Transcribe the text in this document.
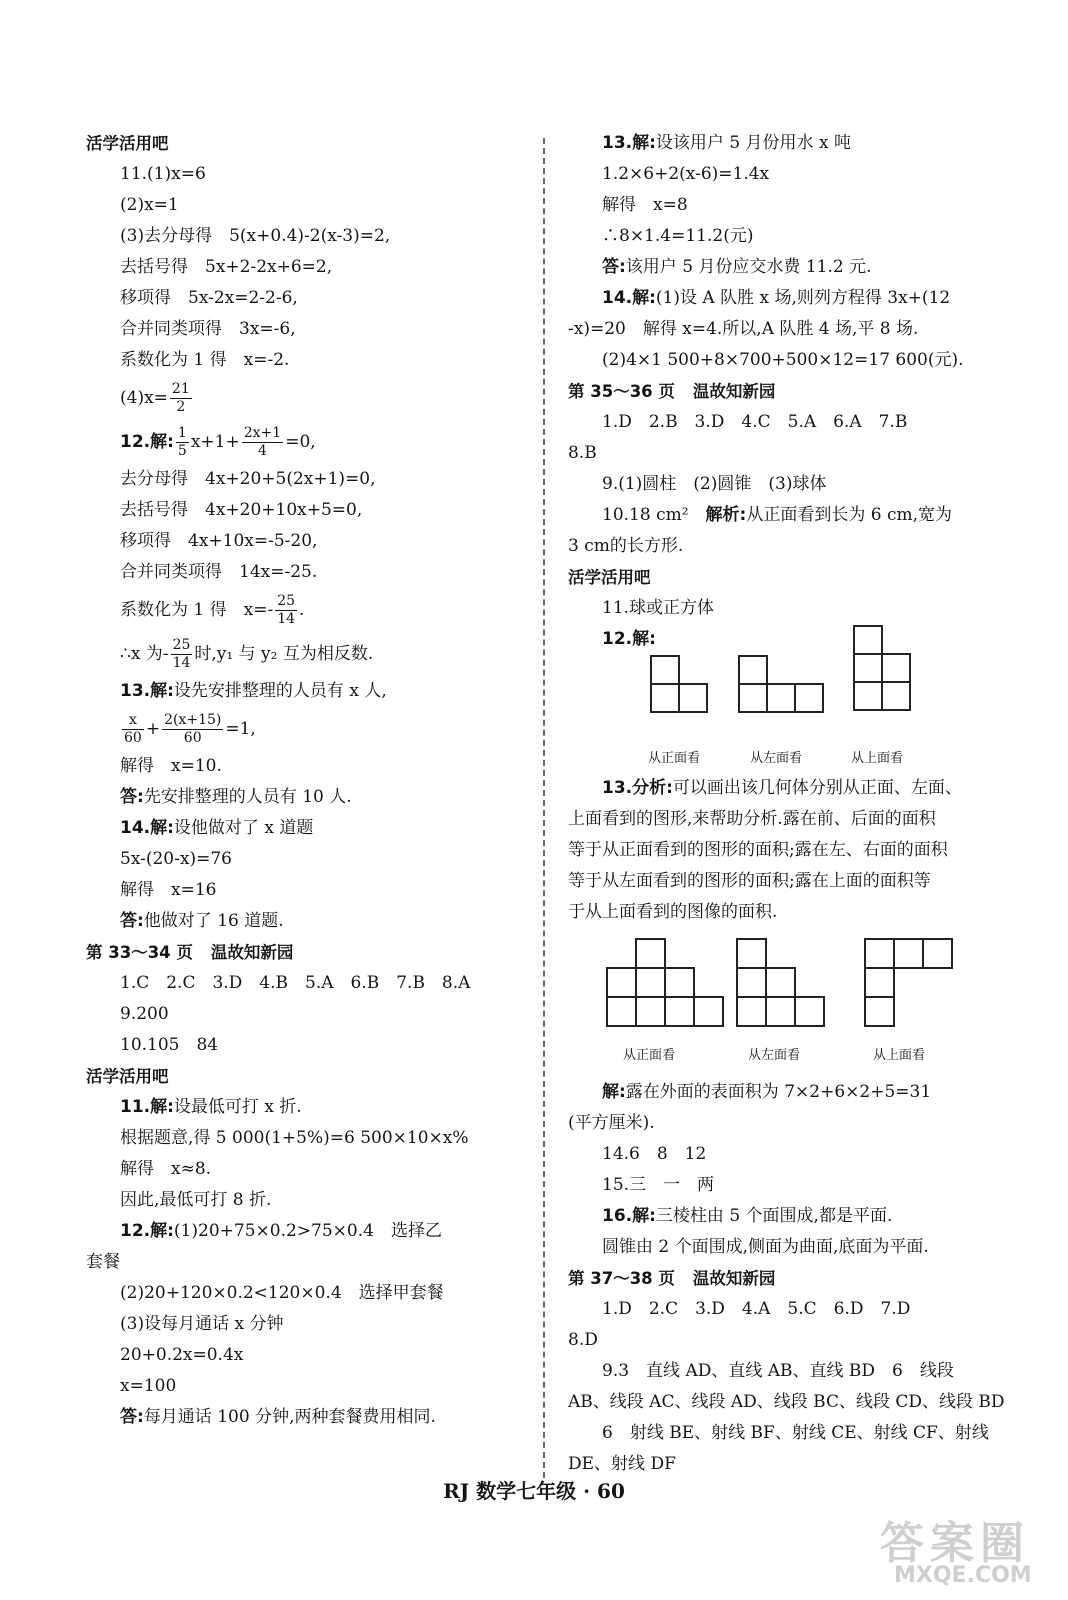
活学活用吧
11.(1)x=6
(2)x=1
(3)去分母得　5(x+0.4)-2(x-3)=2,
去括号得　5x+2-2x+6=2,
移项得　5x-2x=2-2-6,
合并同类项得　3x=-6,
系数化为 1 得　x=-2.
$(4)x= \frac{21}{2}$
12.解: $\frac{1}{5} x+1+ \frac{2x+1}{4} =0$,
去分母得　4x+20+5(2x+1)=0,
去括号得　4x+20+10x+5=0,
移项得　4x+10x=-5-20,
合并同类项得　14x=-25.
系数化为 1 得　$x=- \frac{25}{14}$ .
∴x 为- $\frac{25}{14}$ 时,y₁ 与 y₂ 互为相反数.
13.解:设先安排整理的人员有 x 人,
$\frac{x}{60} + \frac{2(x+15)}{60} =1$,
解得　x=10.
答:先安排整理的人员有 10 人.
14.解:设他做对了 x 道题
5x-(20-x)=76
解得　x=16
答:他做对了 16 道题.
第 33～34 页 温故知新园
1.C　2.C　3.D　4.B　5.A　6.B　7.B　8.A
9.200
10.105　84
活学活用吧
11.解:设最低可打 x 折.
根据题意,得 5 000(1+5%)=6 500×10×x%
解得　x≈8.
因此,最低可打 8 折.
12.解:(1)20+75×0.2>75×0.4　选择乙
套餐
(2)20+120×0.2<120×0.4　选择甲套餐
(3)设每月通话 x 分钟
20+0.2x=0.4x
x=100
答:每月通话 100 分钟,两种套餐费用相同.
13.解:设该用户 5 月份用水 x 吨
1.2×6+2(x-6)=1.4x
解得　x=8
∴8×1.4=11.2(元)
答:该用户 5 月份应交水费 11.2 元.
14.解:(1)设 A 队胜 x 场,则列方程得 3x+(12
-x)=20　解得 x=4.所以,A 队胜 4 场,平 8 场.
(2)4×1 500+8×700+500×12=17 600(元).
第 35～36 页 温故知新园
1.D　2.B　3.D　4.C　5.A　6.A　7.B
8.B
9.(1)圆柱　(2)圆锥　(3)球体
10.18 cm²　解析:从正面看到长为 6 cm,宽为
3 cm的长方形.
活学活用吧
11.球或正方体
12.解:
从正面看	从左面看	从上面看
13.分析:可以画出该几何体分别从正面、左面、
上面看到的图形,来帮助分析.露在前、后面的面积
等于从正面看到的图形的面积;露在左、右面的面积
等于从左面看到的图形的面积;露在上面的面积等
于从上面看到的图像的面积.
从正面看	从左面看	从上面看
解:露在外面的表面积为 7×2+6×2+5=31
(平方厘米).
14.6　8　12
15.三　一　两
16.解:三棱柱由 5 个面围成,都是平面.
圆锥由 2 个面围成,侧面为曲面,底面为平面.
第 37～38 页 温故知新园
1.D　2.C　3.D　4.A　5.C　6.D　7.D
8.D
9.3　直线 AD、直线 AB、直线 BD　6　线段
AB、线段 AC、线段 AD、线段 BC、线段 CD、线段 BD
6　射线 BE、射线 BF、射线 CE、射线 CF、射线
DE、射线 DF
RJ 数学七年级 · 60
答案圈
MXQE.COM
